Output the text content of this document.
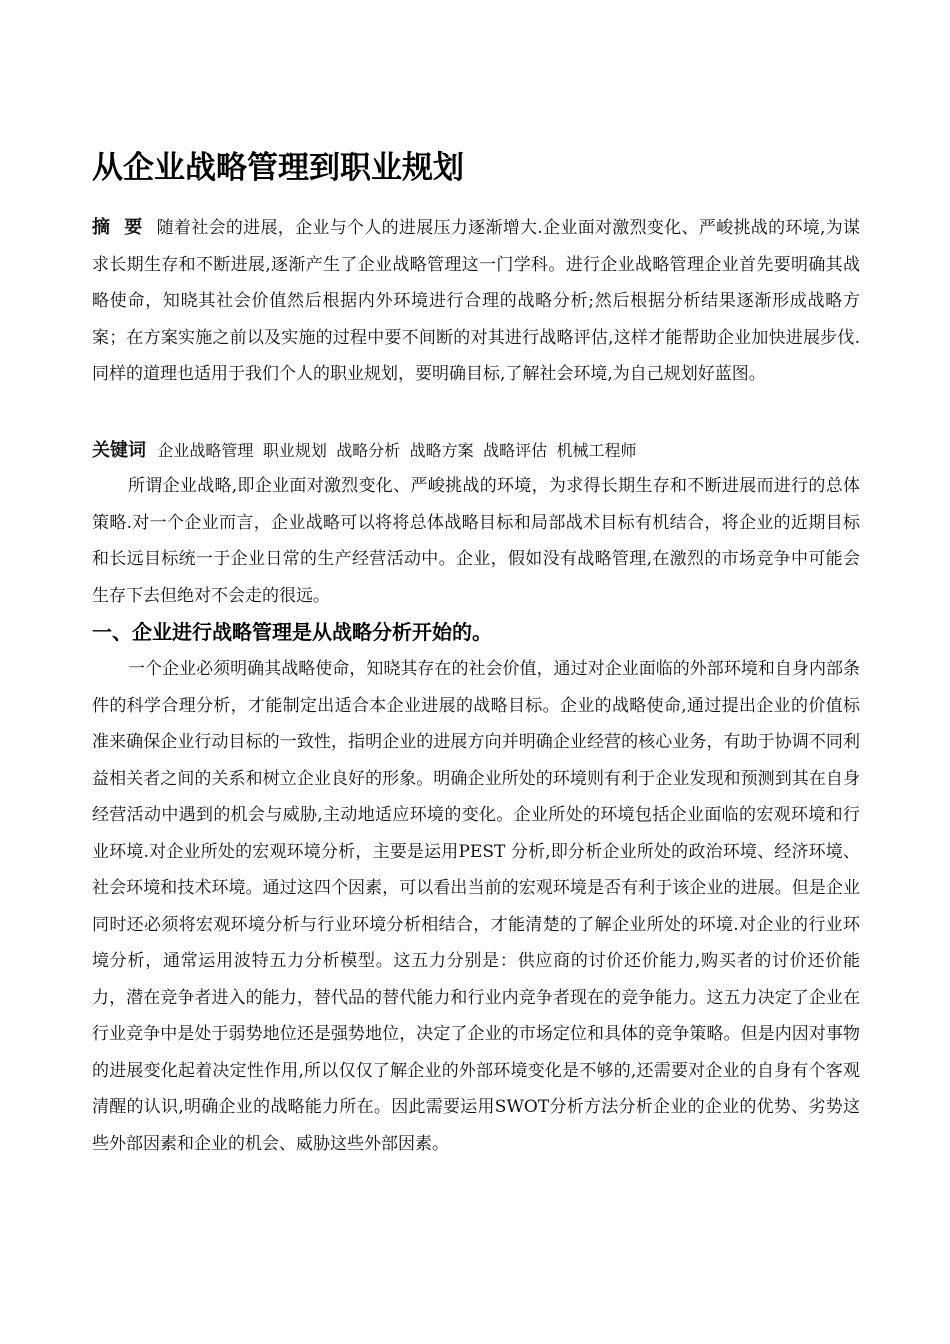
从企业战略管理到职业规划
摘要随着社会的进展，企业与个人的进展压力逐渐增大.企业面对激烈变化、严峻挑战的环境,为谋求长期生存和不断进展,逐渐产生了企业战略管理这一门学科。进行企业战略管理企业首先要明确其战略使命，知晓其社会价值然后根据内外环境进行合理的战略分析;然后根据分析结果逐渐形成战略方案；在方案实施之前以及实施的过程中要不间断的对其进行战略评估,这样才能帮助企业加快进展步伐.同样的道理也适用于我们个人的职业规划，要明确目标,了解社会环境,为自己规划好蓝图。
关键词 企业战略管理 职业规划 战略分析 战略方案 战略评估 机械工程师
所谓企业战略,即企业面对激烈变化、严峻挑战的环境，为求得长期生存和不断进展而进行的总体策略.对一个企业而言，企业战略可以将将总体战略目标和局部战术目标有机结合，将企业的近期目标和长远目标统一于企业日常的生产经营活动中。企业，假如没有战略管理,在激烈的市场竞争中可能会生存下去但绝对不会走的很远。
一、企业进行战略管理是从战略分析开始的。
一个企业必须明确其战略使命，知晓其存在的社会价值，通过对企业面临的外部环境和自身内部条件的科学合理分析，才能制定出适合本企业进展的战略目标。企业的战略使命,通过提出企业的价值标准来确保企业行动目标的一致性，指明企业的进展方向并明确企业经营的核心业务，有助于协调不同利益相关者之间的关系和树立企业良好的形象。明确企业所处的环境则有利于企业发现和预测到其在自身经营活动中遇到的机会与威胁,主动地适应环境的变化。企业所处的环境包括企业面临的宏观环境和行业环境.对企业所处的宏观环境分析，主要是运用PEST 分析,即分析企业所处的政治环境、经济环境、社会环境和技术环境。通过这四个因素，可以看出当前的宏观环境是否有利于该企业的进展。但是企业同时还必须将宏观环境分析与行业环境分析相结合，才能清楚的了解企业所处的环境.对企业的行业环境分析，通常运用波特五力分析模型。这五力分别是：供应商的讨价还价能力,购买者的讨价还价能力，潜在竞争者进入的能力，替代品的替代能力和行业内竞争者现在的竞争能力。这五力决定了企业在行业竞争中是处于弱势地位还是强势地位，决定了企业的市场定位和具体的竞争策略。但是内因对事物的进展变化起着决定性作用,所以仅仅了解企业的外部环境变化是不够的,还需要对企业的自身有个客观清醒的认识,明确企业的战略能力所在。因此需要运用SWOT分析方法分析企业的企业的优势、劣势这些外部因素和企业的机会、威胁这些外部因素。
